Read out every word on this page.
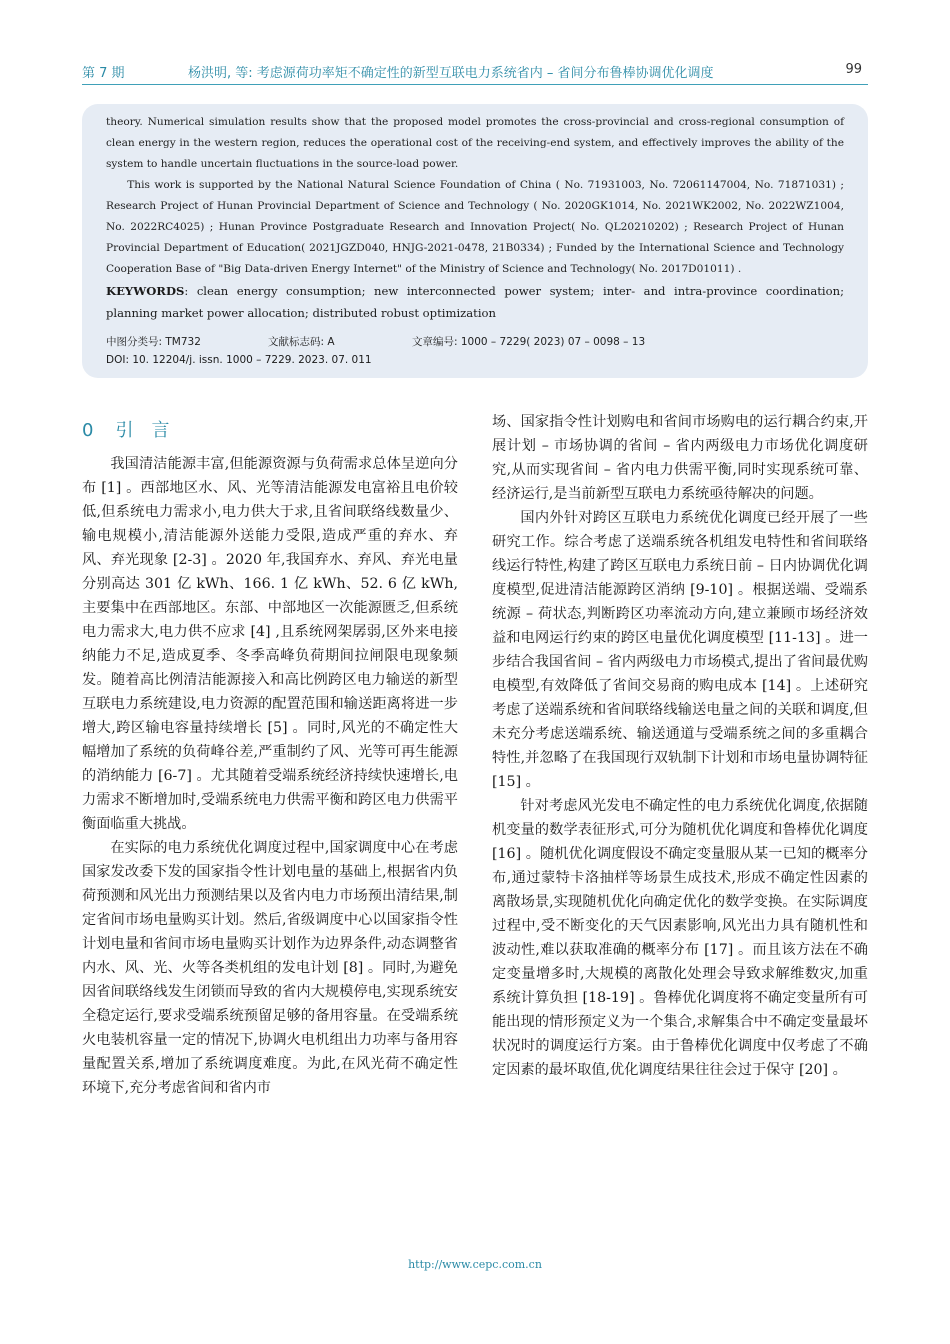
第 7 期	杨洪明, 等: 考虑源荷功率矩不确定性的新型互联电力系统省内 – 省间分布鲁棒协调优化调度	99

theory. Numerical simulation results show that the proposed model promotes the cross-provincial and cross-regional consumption of clean energy in the western region, reduces the operational cost of the receiving-end system, and effectively improves the ability of the system to handle uncertain fluctuations in the source-load power.

This work is supported by the National Natural Science Foundation of China ( No. 71931003, No. 72061147004, No. 71871031) ; Research Project of Hunan Provincial Department of Science and Technology ( No. 2020GK1014, No. 2021WK2002, No. 2022WZ1004, No. 2022RC4025) ; Hunan Province Postgraduate Research and Innovation Project( No. QL20210202) ; Research Project of Hunan Provincial Department of Education( 2021JGZD040, HNJG-2021-0478, 21B0334) ; Funded by the International Science and Technology Cooperation Base of "Big Data-driven Energy Internet" of the Ministry of Science and Technology( No. 2017D01011) .

KEYWORDS: clean energy consumption; new interconnected power system; inter- and intra-province coordination; planning market power allocation; distributed robust optimization

中图分类号: TM732	文献标志码: A	文章编号: 1000 – 7229( 2023) 07 – 0098 – 13
DOI: 10. 12204/j. issn. 1000 – 7229. 2023. 07. 011
0 引言

我国清洁能源丰富,但能源资源与负荷需求总体呈逆向分布 [1] 。西部地区水、风、光等清洁能源发电富裕且电价较低,但系统电力需求小,电力供大于求,且省间联络线数量少、输电规模小,清洁能源外送能力受限,造成严重的弃水、弃风、弃光现象 [2-3] 。2020 年,我国弃水、弃风、弃光电量分别高达 301 亿 kWh、166. 1 亿 kWh、52. 6 亿 kWh,主要集中在西部地区。东部、中部地区一次能源匮乏,但系统电力需求大,电力供不应求 [4] ,且系统网架孱弱,区外来电接纳能力不足,造成夏季、冬季高峰负荷期间拉闸限电现象频发。随着高比例清洁能源接入和高比例跨区电力输送的新型互联电力系统建设,电力资源的配置范围和输送距离将进一步增大,跨区输电容量持续增长 [5] 。同时,风光的不确定性大幅增加了系统的负荷峰谷差,严重制约了风、光等可再生能源的消纳能力 [6-7] 。尤其随着受端系统经济持续快速增长,电力需求不断增加时,受端系统电力供需平衡和跨区电力供需平衡面临重大挑战。

在实际的电力系统优化调度过程中,国家调度中心在考虑国家发改委下发的国家指令性计划电量的基础上,根据省内负荷预测和风光出力预测结果以及省内电力市场预出清结果,制定省间市场电量购买计划。然后,省级调度中心以国家指令性计划电量和省间市场电量购买计划作为边界条件,动态调整省内水、风、光、火等各类机组的发电计划 [8] 。同时,为避免因省间联络线发生闭锁而导致的省内大规模停电,实现系统安全稳定运行,要求受端系统预留足够的备用容量。在受端系统火电装机容量一定的情况下,协调火电机组出力功率与备用容量配置关系,增加了系统调度难度。为此,在风光荷不确定性环境下,充分考虑省间和省内市

场、国家指令性计划购电和省间市场购电的运行耦合约束,开展计划 – 市场协调的省间 – 省内两级电力市场优化调度研究,从而实现省间 – 省内电力供需平衡,同时实现系统可靠、经济运行,是当前新型互联电力系统亟待解决的问题。

国内外针对跨区互联电力系统优化调度已经开展了一些研究工作。综合考虑了送端系统各机组发电特性和省间联络线运行特性,构建了跨区互联电力系统日前 – 日内协调优化调度模型,促进清洁能源跨区消纳 [9-10] 。根据送端、受端系统源 – 荷状态,判断跨区功率流动方向,建立兼顾市场经济效益和电网运行约束的跨区电量优化调度模型 [11-13] 。进一步结合我国省间 – 省内两级电力市场模式,提出了省间最优购电模型,有效降低了省间交易商的购电成本 [14] 。上述研究考虑了送端系统和省间联络线输送电量之间的关联和调度,但未充分考虑送端系统、输送通道与受端系统之间的多重耦合特性,并忽略了在我国现行双轨制下计划和市场电量协调特征 [15] 。

针对考虑风光发电不确定性的电力系统优化调度,依据随机变量的数学表征形式,可分为随机优化调度和鲁棒优化调度 [16] 。随机优化调度假设不确定变量服从某一已知的概率分布,通过蒙特卡洛抽样等场景生成技术,形成不确定性因素的离散场景,实现随机优化向确定优化的数学变换。在实际调度过程中,受不断变化的天气因素影响,风光出力具有随机性和波动性,难以获取准确的概率分布 [17] 。而且该方法在不确定变量增多时,大规模的离散化处理会导致求解维数灾,加重系统计算负担 [18-19] 。鲁棒优化调度将不确定变量所有可能出现的情形预定义为一个集合,求解集合中不确定变量最坏状况时的调度运行方案。由于鲁棒优化调度中仅考虑了不确定因素的最坏取值,优化调度结果往往会过于保守 [20] 。

http://www.cepc.com.cn
